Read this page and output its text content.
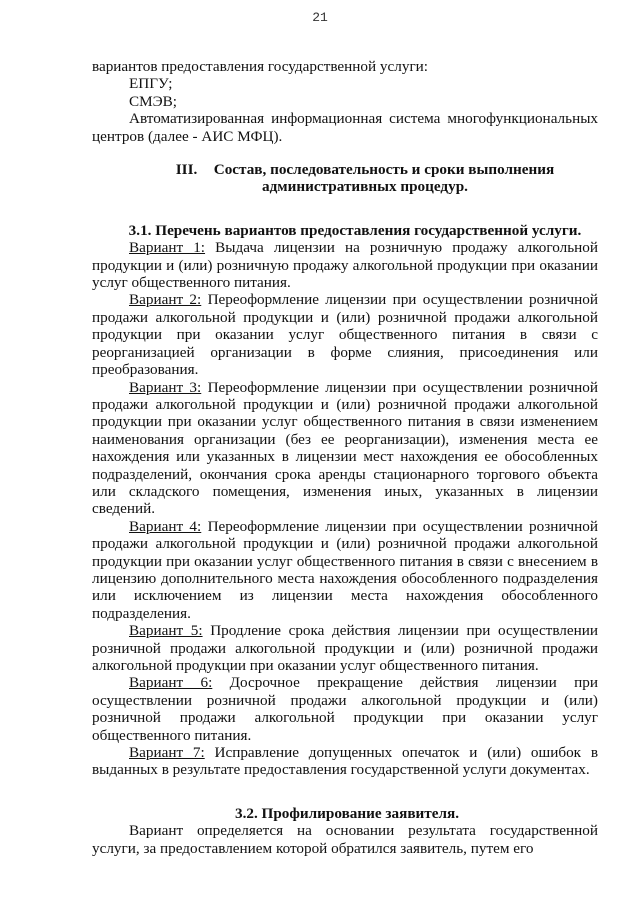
21

вариантов предоставления государственной услуги:

ЕПГУ;

СМЭВ;

Автоматизированная информационная система многофункциональных центров (далее - АИС МФЦ).

III. Состав, последовательность и сроки выполнения административных процедур.

3.1. Перечень вариантов предоставления государственной услуги.

Вариант 1: Выдача лицензии на розничную продажу алкогольной продукции и (или) розничную продажу алкогольной продукции при оказании услуг общественного питания.

Вариант 2: Переоформление лицензии при осуществлении розничной продажи алкогольной продукции и (или) розничной продажи алкогольной продукции при оказании услуг общественного питания в связи с реорганизацией организации в форме слияния, присоединения или преобразования.

Вариант 3: Переоформление лицензии при осуществлении розничной продажи алкогольной продукции и (или) розничной продажи алкогольной продукции при оказании услуг общественного питания в связи изменением наименования организации (без ее реорганизации), изменения места ее нахождения или указанных в лицензии мест нахождения ее обособленных подразделений, окончания срока аренды стационарного торгового объекта или складского помещения, изменения иных, указанных в лицензии сведений.

Вариант 4: Переоформление лицензии при осуществлении розничной продажи алкогольной продукции и (или) розничной продажи алкогольной продукции при оказании услуг общественного питания в связи с внесением в лицензию дополнительного места нахождения обособленного подразделения или исключением из лицензии места нахождения обособленного подразделения.

Вариант 5: Продление срока действия лицензии при осуществлении розничной продажи алкогольной продукции и (или) розничной продажи алкогольной продукции при оказании услуг общественного питания.

Вариант 6: Досрочное прекращение действия лицензии при осуществлении розничной продажи алкогольной продукции и (или) розничной продажи алкогольной продукции при оказании услуг общественного питания.

Вариант 7: Исправление допущенных опечаток и (или) ошибок в выданных в результате предоставления государственной услуги документах.

3.2. Профилирование заявителя.

Вариант определяется на основании результата государственной услуги, за предоставлением которой обратился заявитель, путем его
